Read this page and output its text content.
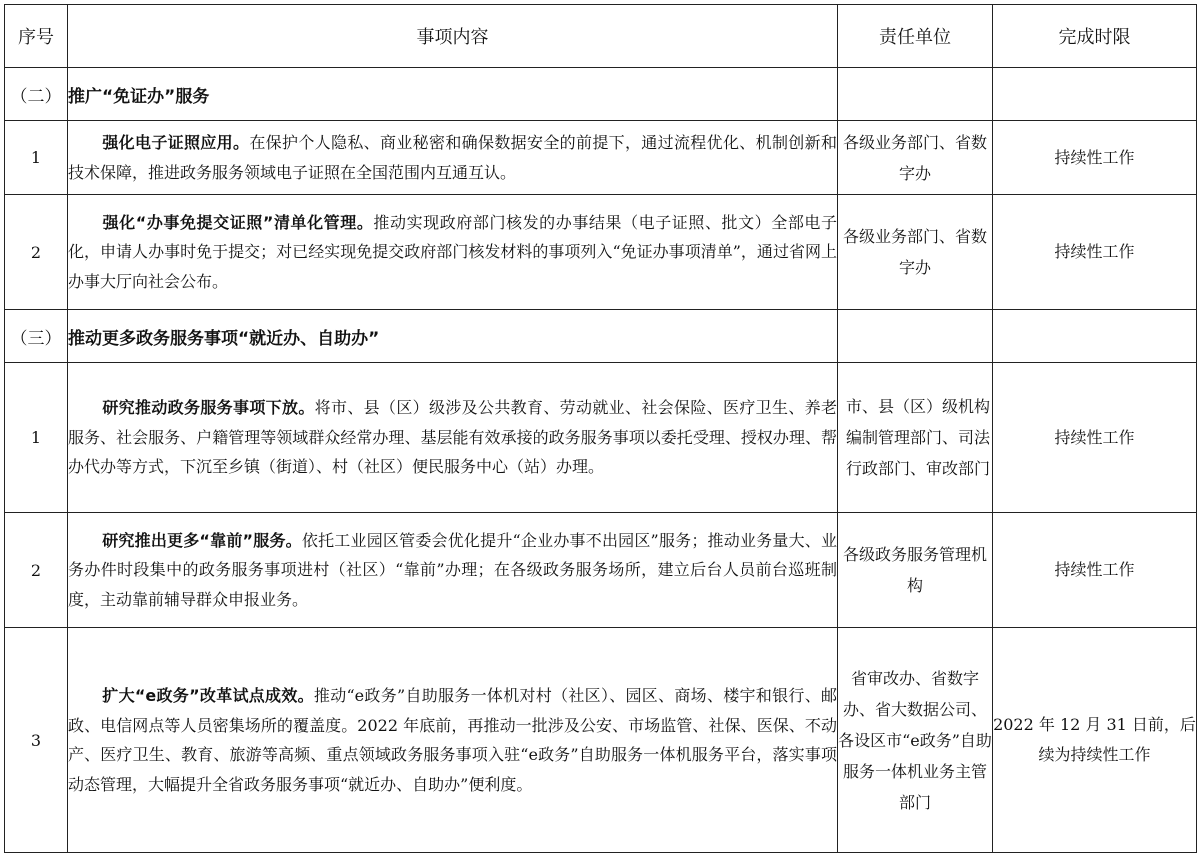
序号	事项内容	责任单位	完成时限
（二）	推广“免证办”服务		
1	强化电子证照应用。在保护个人隐私、商业秘密和确保数据安全的前提下，通过流程优化、机制创新和技术保障，推进政务服务领域电子证照在全国范围内互通互认。	各级业务部门、省数字办	持续性工作
2	强化“办事免提交证照”清单化管理。推动实现政府部门核发的办事结果（电子证照、批文）全部电子化，申请人办事时免于提交；对已经实现免提交政府部门核发材料的事项列入“免证办事项清单”，通过省网上办事大厅向社会公布。	各级业务部门、省数字办	持续性工作
（三）	推动更多政务服务事项“就近办、自助办”		
1	研究推动政务服务事项下放。将市、县（区）级涉及公共教育、劳动就业、社会保险、医疗卫生、养老服务、社会服务、户籍管理等领域群众经常办理、基层能有效承接的政务服务事项以委托受理、授权办理、帮办代办等方式，下沉至乡镇（街道）、村（社区）便民服务中心（站）办理。	市、县（区）级机构编制管理部门、司法行政部门、审改部门	持续性工作
2	研究推出更多“靠前”服务。依托工业园区管委会优化提升“企业办事不出园区”服务；推动业务量大、业务办件时段集中的政务服务事项进村（社区）“靠前”办理；在各级政务服务场所，建立后台人员前台巡班制度，主动靠前辅导群众申报业务。	各级政务服务管理机构	持续性工作
3	扩大“e政务”改革试点成效。推动“e政务”自助服务一体机对村（社区）、园区、商场、楼宇和银行、邮政、电信网点等人员密集场所的覆盖度。2022 年底前，再推动一批涉及公安、市场监管、社保、医保、不动产、医疗卫生、教育、旅游等高频、重点领域政务服务事项入驻“e政务”自助服务一体机服务平台，落实事项动态管理，大幅提升全省政务服务事项“就近办、自助办”便利度。	省审改办、省数字办、省大数据公司、各设区市“e政务”自助服务一体机业务主管部门	2022 年 12 月 31 日前，后续为持续性工作
